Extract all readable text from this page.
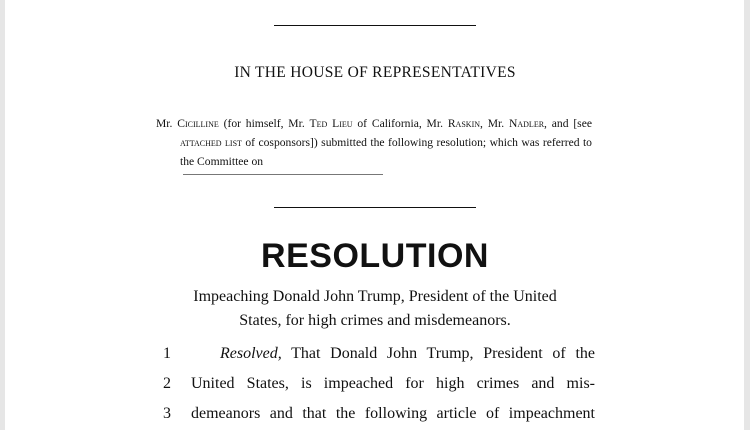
IN THE HOUSE OF REPRESENTATIVES
Mr. Cicilline (for himself, Mr. Ted Lieu of California, Mr. Raskin, Mr. Nadler, and [see attached list of cosponsors]) submitted the following resolution; which was referred to the Committee on
RESOLUTION
Impeaching Donald John Trump, President of the United
States, for high crimes and misdemeanors.
1	Resolved, That Donald John Trump, President of the
2	United States, is impeached for high crimes and mis-
3	demeanors and that the following article of impeachment
